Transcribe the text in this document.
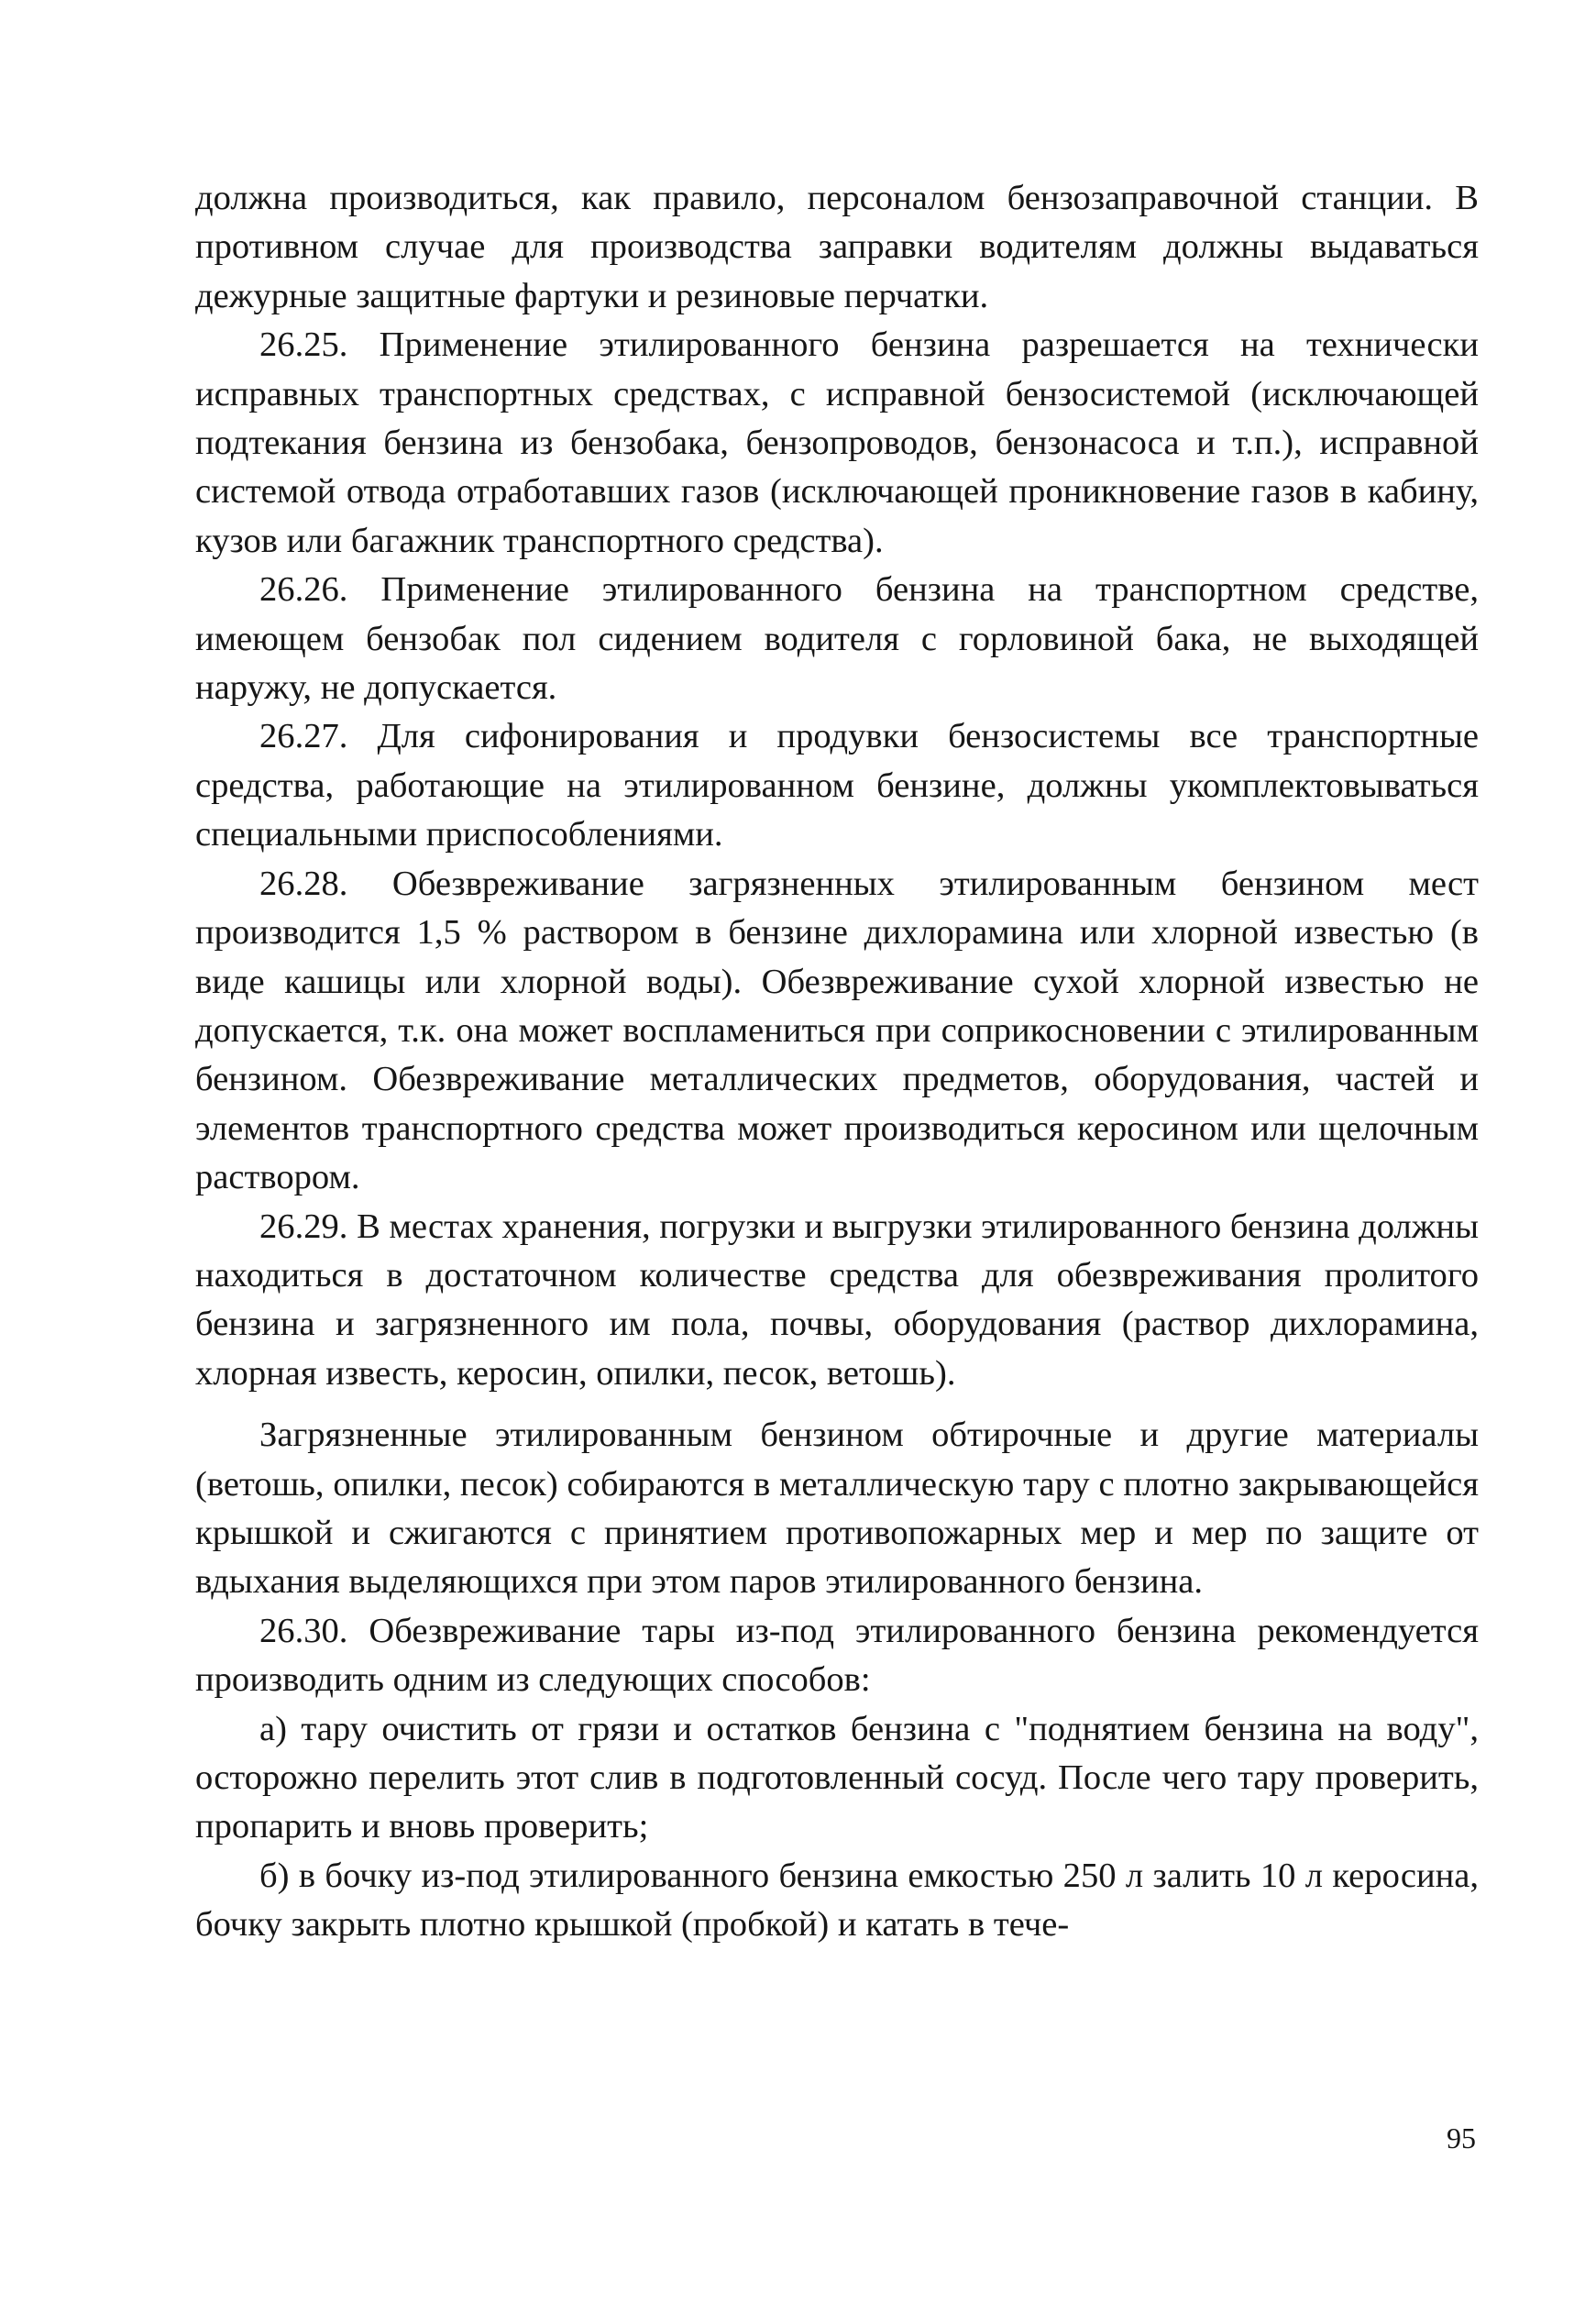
должна производиться, как правило, персоналом бензозаправочной станции. В противном случае для производства заправки водителям должны выдаваться дежурные защитные фартуки и резиновые перчатки.

26.25. Применение этилированного бензина разрешается на технически исправных транспортных средствах, с исправной бензосистемой (исключающей подтекания бензина из бензобака, бензопроводов, бензонасоса и т.п.), исправной системой отвода отработавших газов (исключающей проникновение газов в кабину, кузов или багажник транспортного средства).

26.26. Применение этилированного бензина на транспортном средстве, имеющем бензобак пол сидением водителя с горловиной бака, не выходящей наружу, не допускается.

26.27. Для сифонирования и продувки бензосистемы все транспортные средства, работающие на этилированном бензине, должны укомплектовываться специальными приспособлениями.

26.28. Обезвреживание загрязненных этилированным бензином мест производится 1,5 % раствором в бензине дихлорамина или хлорной известью (в виде кашицы или хлорной воды). Обезвреживание сухой хлорной известью не допускается, т.к. она может воспламениться при соприкосновении с этилированным бензином. Обезвреживание металлических предметов, оборудования, частей и элементов транспортного средства может производиться керосином или щелочным раствором.

26.29. В местах хранения, погрузки и выгрузки этилированного бензина должны находиться в достаточном количестве средства для обезвреживания пролитого бензина и загрязненного им пола, почвы, оборудования (раствор дихлорамина, хлорная известь, керосин, опилки, песок, ветошь).

Загрязненные этилированным бензином обтирочные и другие материалы (ветошь, опилки, песок) собираются в металлическую тару с плотно закрывающейся крышкой и сжигаются с принятием противопожарных мер и мер по защите от вдыхания выделяющихся при этом паров этилированного бензина.

26.30. Обезвреживание тары из-под этилированного бензина рекомендуется производить одним из следующих способов:

а) тару очистить от грязи и остатков бензина с "поднятием бензина на воду", осторожно перелить этот слив в подготовленный сосуд. После чего тару проверить, пропарить и вновь проверить;

б) в бочку из-под этилированного бензина емкостью 250 л залить 10 л керосина, бочку закрыть плотно крышкой (пробкой) и катать в тече-

95
